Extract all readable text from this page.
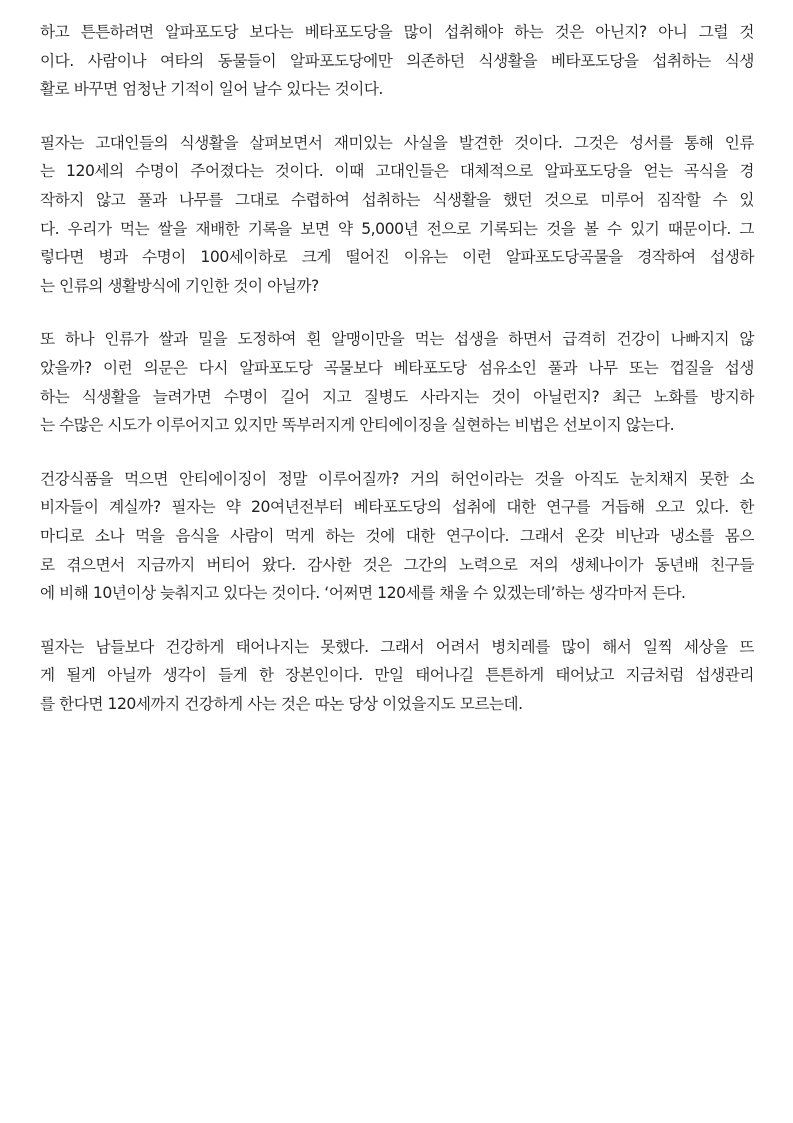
하고 튼튼하려면 알파포도당 보다는 베타포도당을 많이 섭취해야 하는 것은 아닌지? 아니 그럴 것
이다. 사람이나 여타의 동물들이 알파포도당에만 의존하던 식생활을 베타포도당을 섭취하는 식생
활로 바꾸면 엄청난 기적이 일어 날수 있다는 것이다.

필자는 고대인들의 식생활을 살펴보면서 재미있는 사실을 발견한 것이다. 그것은 성서를 통해 인류
는 120세의 수명이 주어졌다는 것이다. 이때 고대인들은 대체적으로 알파포도당을 얻는 곡식을 경
작하지 않고 풀과 나무를 그대로 수렵하여 섭취하는 식생활을 했던 것으로 미루어 짐작할 수 있
다. 우리가 먹는 쌀을 재배한 기록을 보면 약 5,000년 전으로 기록되는 것을 볼 수 있기 때문이다. 그
렇다면 병과 수명이 100세이하로 크게 떨어진 이유는 이런 알파포도당곡물을 경작하여 섭생하
는 인류의 생활방식에 기인한 것이 아닐까?

또 하나 인류가 쌀과 밀을 도정하여 흰 알맹이만을 먹는 섭생을 하면서 급격히 건강이 나빠지지 않
았을까? 이런 의문은 다시 알파포도당 곡물보다 베타포도당 섬유소인 풀과 나무 또는 껍질을 섭생
하는 식생활을 늘려가면 수명이 길어 지고 질병도 사라지는 것이 아닐런지? 최근 노화를 방지하
는 수많은 시도가 이루어지고 있지만 똑부러지게 안티에이징을 실현하는 비법은 선보이지 않는다.

건강식품을 먹으면 안티에이징이 정말 이루어질까? 거의 허언이라는 것을 아직도 눈치채지 못한 소
비자들이 계실까? 필자는 약 20여년전부터 베타포도당의 섭취에 대한 연구를 거듭해 오고 있다. 한
마디로 소나 먹을 음식을 사람이 먹게 하는 것에 대한 연구이다. 그래서 온갖 비난과 냉소를 몸으
로 겪으면서 지금까지 버티어 왔다. 감사한 것은 그간의 노력으로 저의 생체나이가 동년배 친구들
에 비해 10년이상 늦춰지고 있다는 것이다. ‘어쩌면 120세를 채울 수 있겠는데’하는 생각마저 든다.

필자는 남들보다 건강하게 태어나지는 못했다. 그래서 어려서 병치레를 많이 해서 일찍 세상을 뜨
게 될게 아닐까 생각이 들게 한 장본인이다. 만일 태어나길 튼튼하게 태어났고 지금처럼 섭생관리
를 한다면 120세까지 건강하게 사는 것은 따논 당상 이었을지도 모르는데.
